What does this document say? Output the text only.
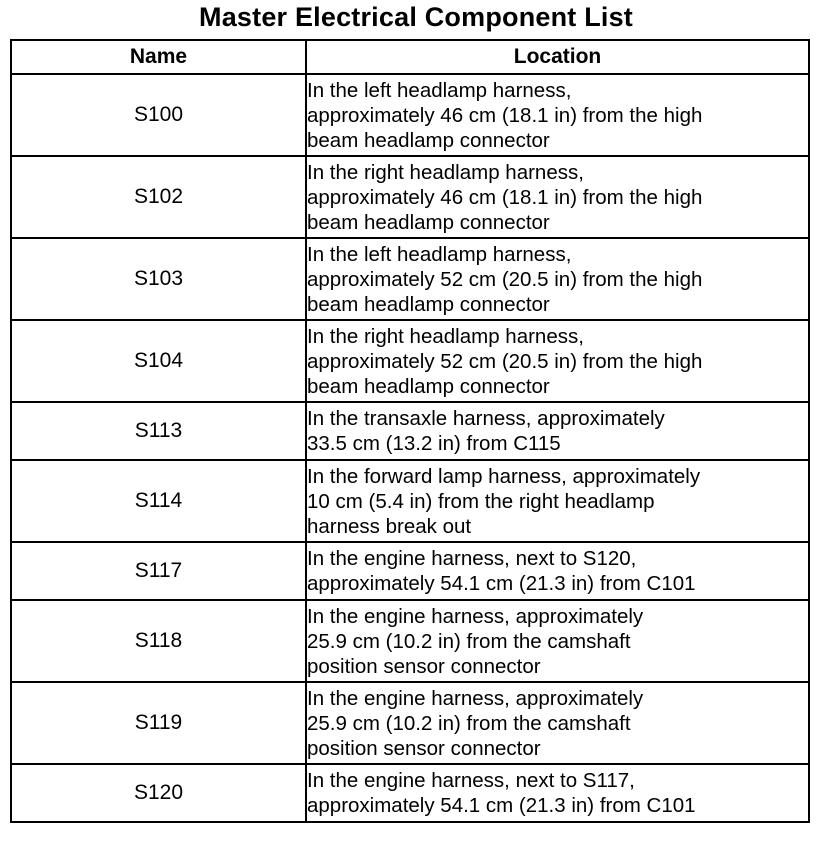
Master Electrical Component List
Name	Location
S100	In the left headlamp harness,
approximately 46 cm (18.1 in) from the high
beam headlamp connector
S102	In the right headlamp harness,
approximately 46 cm (18.1 in) from the high
beam headlamp connector
S103	In the left headlamp harness,
approximately 52 cm (20.5 in) from the high
beam headlamp connector
S104	In the right headlamp harness,
approximately 52 cm (20.5 in) from the high
beam headlamp connector
S113	In the transaxle harness, approximately
33.5 cm (13.2 in) from C115
S114	In the forward lamp harness, approximately
10 cm (5.4 in) from the right headlamp
harness break out
S117	In the engine harness, next to S120,
approximately 54.1 cm (21.3 in) from C101
S118	In the engine harness, approximately
25.9 cm (10.2 in) from the camshaft
position sensor connector
S119	In the engine harness, approximately
25.9 cm (10.2 in) from the camshaft
position sensor connector
S120	In the engine harness, next to S117,
approximately 54.1 cm (21.3 in) from C101
